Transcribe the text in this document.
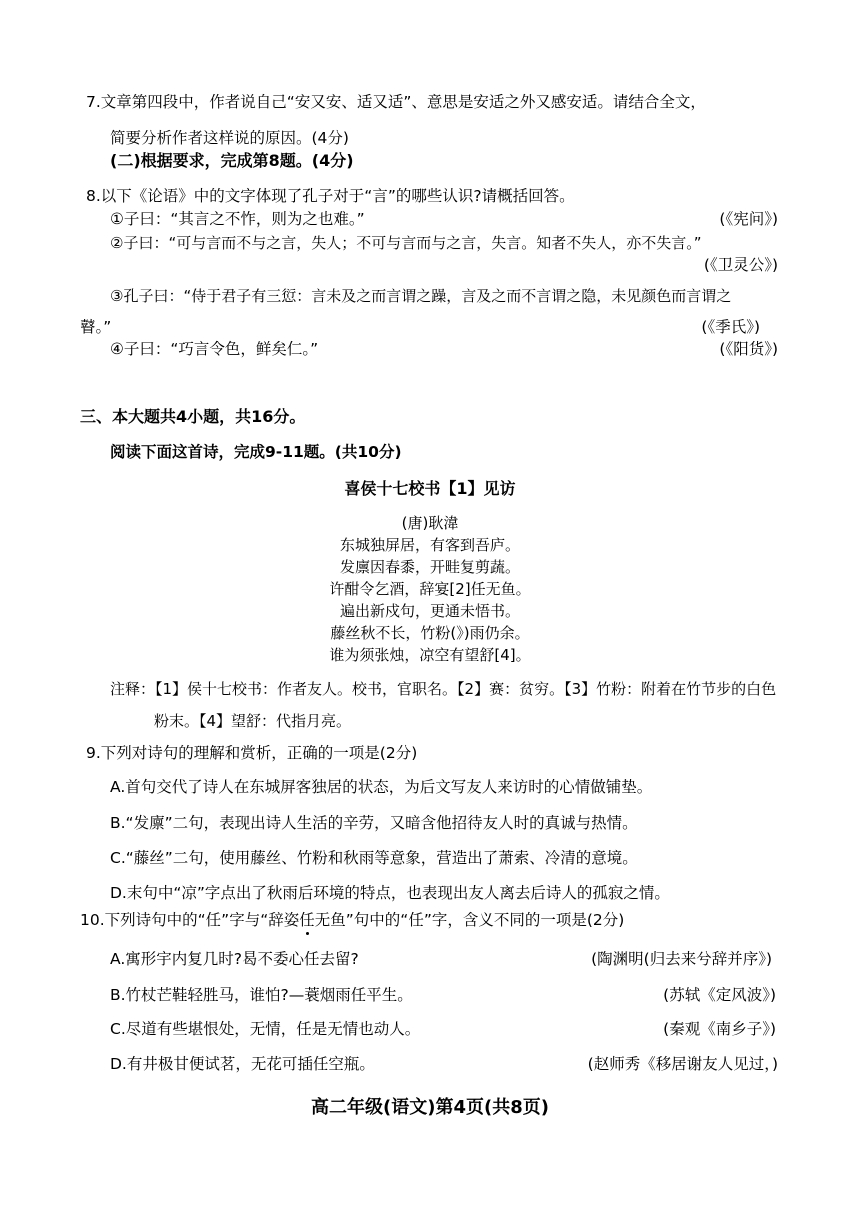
7.文章第四段中，作者说自己“安又安、适又适”、意思是安适之外又感安适。请结合全文，
简要分析作者这样说的原因。(4分)
(二)根据要求，完成第8题。(4分)
8.以下《论语》中的文字体现了孔子对于“言”的哪些认识?请概括回答。
①子曰：“其言之不怍，则为之也难。”	(《宪问》)
②子曰：“可与言而不与之言，失人；不可与言而与之言，失言。知者不失人，亦不失言。”
(《卫灵公》)
③孔子曰：“侍于君子有三愆：言未及之而言谓之躁，言及之而不言谓之隐，未见颜色而言谓之
瞽。”	(《季氏》)
④子曰：“巧言令色，鲜矣仁。”	(《阳货》)
三、本大题共4小题，共16分。
阅读下面这首诗，完成9-11题。(共10分)
喜侯十七校书【1】见访
(唐)耿湋
东城独屏居，有客到吾庐。
发廪因春黍，开畦复剪蔬。
许酣令乞酒，辞宴[2]任无鱼。
遍出新戍句，更通未悟书。
藤丝秋不长，竹粉(》)雨仍余。
谁为须张烛，凉空有望舒[4]。
注释：【1】侯十七校书：作者友人。校书，官职名。【2】赛：贫穷。【3】竹粉：附着在竹节步的白色
粉末。【4】望舒：代指月亮。
9.下列对诗句的理解和赏析，正确的一项是(2分)
A.首句交代了诗人在东城屏客独居的状态，为后文写友人来访时的心情做铺垫。
B.“发廪”二句，表现出诗人生活的辛劳，又暗含他招待友人时的真诚与热情。
C.“藤丝”二句，使用藤丝、竹粉和秋雨等意象，营造出了萧索、冷清的意境。
D.末句中“凉”字点出了秋雨后环境的特点，也表现出友人离去后诗人的孤寂之情。
10.下列诗句中的“任”字与“辞姿任无鱼”句中的“任”字，含义不同的一项是(2分)
A.寓形宇内复几时?曷不委心任去留?	(陶渊明(归去来兮辞并序》)
B.竹杖芒鞋轻胜马，谁怕?—蓑烟雨任平生。	(苏轼《定风波》)
C.尽道有些堪恨处，无情，任是无情也动人。	(秦观《南乡子》)
D.有井极甘便试茗，无花可插任空瓶。	(赵师秀《移居谢友人见过，)
高二年级(语文)第4页(共8页)
